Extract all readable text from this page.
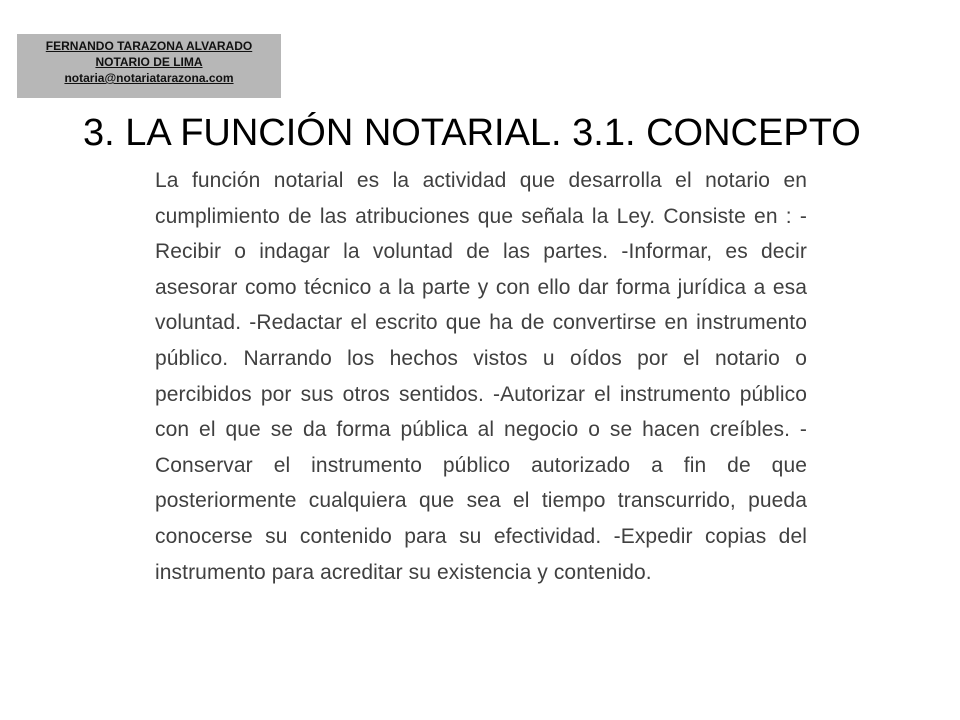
FERNANDO TARAZONA ALVARADO
NOTARIO DE LIMA
notaria@notariatarazona.com
3. LA FUNCIÓN NOTARIAL. 3.1. CONCEPTO

La función notarial es la actividad que desarrolla el notario en cumplimiento de las atribuciones que señala la Ley. Consiste en : -Recibir o indagar la voluntad de las partes. -Informar, es decir asesorar como técnico a la parte y con ello dar forma jurídica a esa voluntad. -Redactar el escrito que ha de convertirse en instrumento público. Narrando los hechos vistos u oídos por el notario o percibidos por sus otros sentidos. -Autorizar el instrumento público con el que se da forma pública al negocio o se hacen creíbles. -Conservar el instrumento público autorizado a fin de que posteriormente cualquiera que sea el tiempo transcurrido, pueda conocerse su contenido para su efectividad. -Expedir copias del instrumento para acreditar su existencia y contenido.
